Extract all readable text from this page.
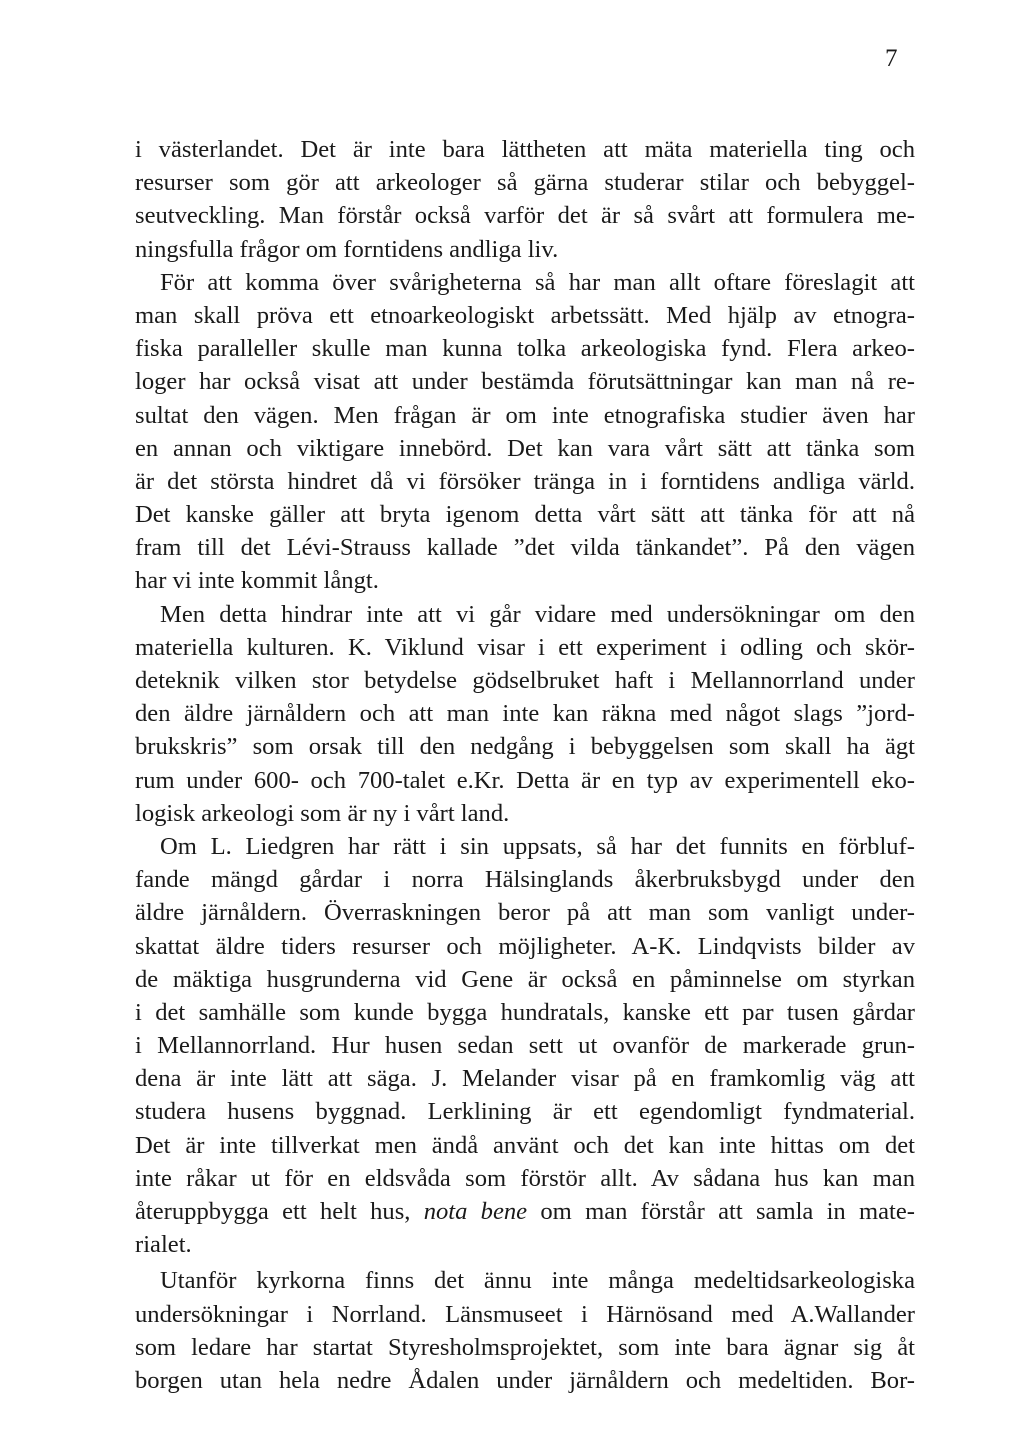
7
i västerlandet. Det är inte bara lättheten att mäta materiella ting och
resurser som gör att arkeologer så gärna studerar stilar och bebyggel-
seutveckling. Man förstår också varför det är så svårt att formulera me-
ningsfulla frågor om forntidens andliga liv.
För att komma över svårigheterna så har man allt oftare föreslagit att
man skall pröva ett etnoarkeologiskt arbetssätt. Med hjälp av etnogra-
fiska paralleller skulle man kunna tolka arkeologiska fynd. Flera arkeo-
loger har också visat att under bestämda förutsättningar kan man nå re-
sultat den vägen. Men frågan är om inte etnografiska studier även har
en annan och viktigare innebörd. Det kan vara vårt sätt att tänka som
är det största hindret då vi försöker tränga in i forntidens andliga värld.
Det kanske gäller att bryta igenom detta vårt sätt att tänka för att nå
fram till det Lévi-Strauss kallade ”det vilda tänkandet”. På den vägen
har vi inte kommit långt.
Men detta hindrar inte att vi går vidare med undersökningar om den
materiella kulturen. K. Viklund visar i ett experiment i odling och skör-
deteknik vilken stor betydelse gödselbruket haft i Mellannorrland under
den äldre järnåldern och att man inte kan räkna med något slags ”jord-
brukskris” som orsak till den nedgång i bebyggelsen som skall ha ägt
rum under 600- och 700-talet e.Kr. Detta är en typ av experimentell eko-
logisk arkeologi som är ny i vårt land.
Om L. Liedgren har rätt i sin uppsats, så har det funnits en förbluf-
fande mängd gårdar i norra Hälsinglands åkerbruksbygd under den
äldre järnåldern. Överraskningen beror på att man som vanligt under-
skattat äldre tiders resurser och möjligheter. A-K. Lindqvists bilder av
de mäktiga husgrunderna vid Gene är också en påminnelse om styrkan
i det samhälle som kunde bygga hundratals, kanske ett par tusen gårdar
i Mellannorrland. Hur husen sedan sett ut ovanför de markerade grun-
dena är inte lätt att säga. J. Melander visar på en framkomlig väg att
studera husens byggnad. Lerklining är ett egendomligt fyndmaterial.
Det är inte tillverkat men ändå använt och det kan inte hittas om det
inte råkar ut för en eldsvåda som förstör allt. Av sådana hus kan man
återuppbygga ett helt hus, nota bene om man förstår att samla in mate-
rialet.
Utanför kyrkorna finns det ännu inte många medeltidsarkeologiska
undersökningar i Norrland. Länsmuseet i Härnösand med A.Wallander
som ledare har startat Styresholmsprojektet, som inte bara ägnar sig åt
borgen utan hela nedre Ådalen under järnåldern och medeltiden. Bor-
